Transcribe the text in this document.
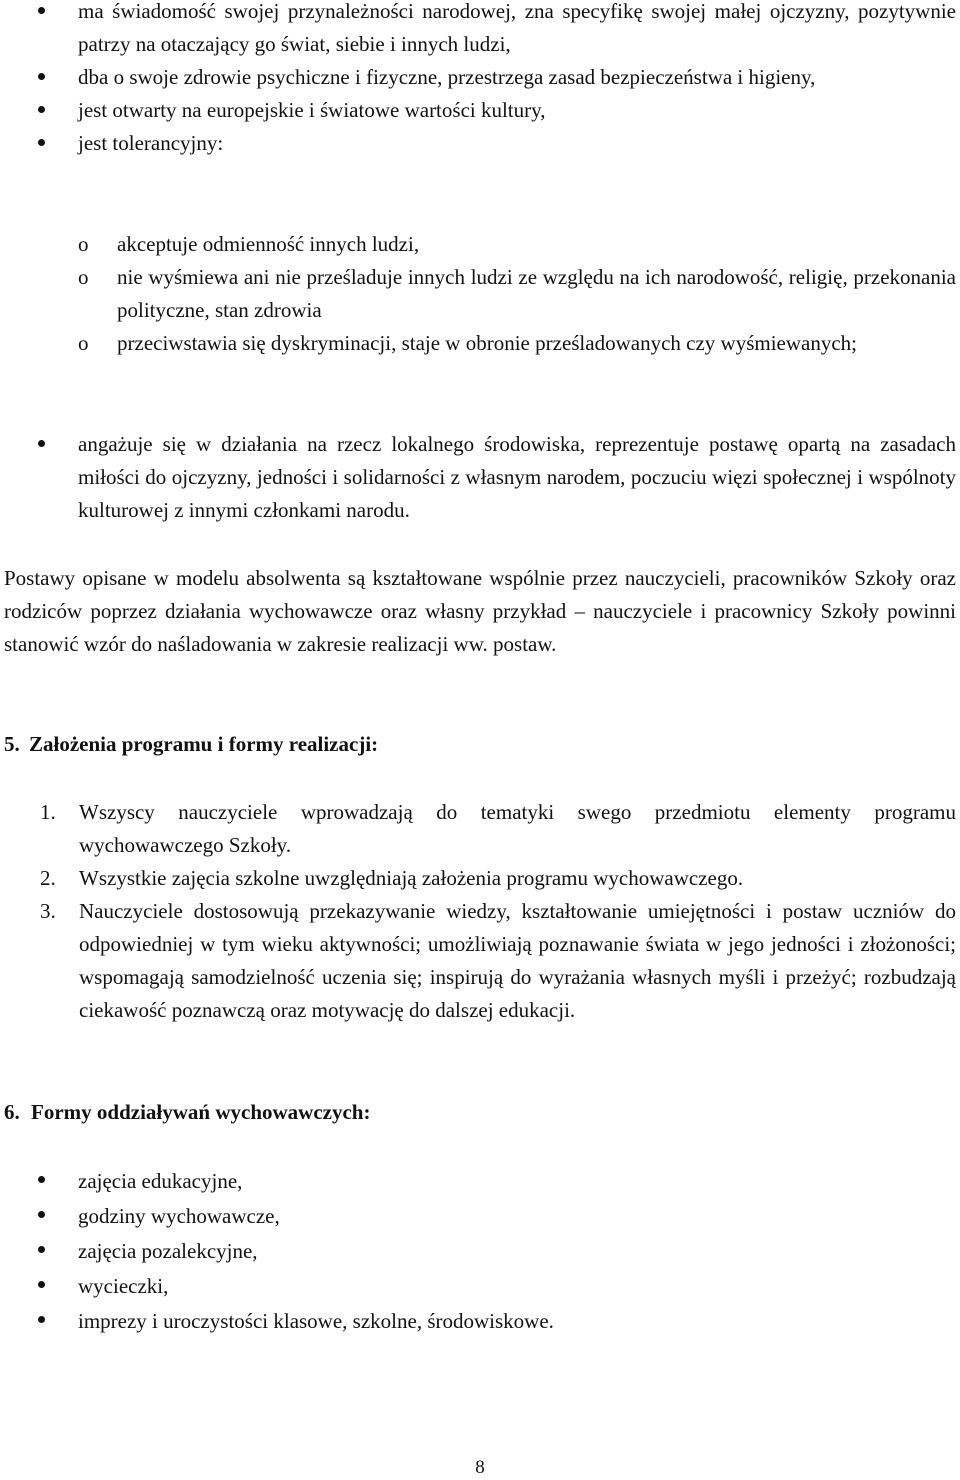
ma świadomość swojej przynależności narodowej, zna specyfikę swojej małej ojczyzny, pozytywnie patrzy na otaczający go świat, siebie i innych ludzi,
dba o swoje zdrowie psychiczne i fizyczne, przestrzega zasad bezpieczeństwa i higieny,
jest otwarty na europejskie i światowe wartości kultury,
jest tolerancyjny:
o akceptuje odmienność innych ludzi,
o nie wyśmiewa ani nie prześladuje innych ludzi ze względu na ich narodowość, religię, przekonania polityczne, stan zdrowia
o przeciwstawia się dyskryminacji, staje w obronie prześladowanych czy wyśmiewanych;
angażuje się w działania na rzecz lokalnego środowiska, reprezentuje postawę opartą na zasadach miłości do ojczyzny, jedności i solidarności z własnym narodem, poczuciu więzi społecznej i wspólnoty kulturowej z innymi członkami narodu.

Postawy opisane w modelu absolwenta są kształtowane wspólnie przez nauczycieli, pracowników Szkoły oraz rodziców poprzez działania wychowawcze oraz własny przykład – nauczyciele i pracownicy Szkoły powinni stanowić wzór do naśladowania w zakresie realizacji ww. postaw.

5. Założenia programu i formy realizacji:
1. Wszyscy nauczyciele wprowadzają do tematyki swego przedmiotu elementy programu wychowawczego Szkoły.
2. Wszystkie zajęcia szkolne uwzględniają założenia programu wychowawczego.
3. Nauczyciele dostosowują przekazywanie wiedzy, kształtowanie umiejętności i postaw uczniów do odpowiedniej w tym wieku aktywności; umożliwiają poznawanie świata w jego jedności i złożoności; wspomagają samodzielność uczenia się; inspirują do wyrażania własnych myśli i przeżyć; rozbudzają ciekawość poznawczą oraz motywację do dalszej edukacji.
6. Formy oddziaływań wychowawczych:
zajęcia edukacyjne,
godziny wychowawcze,
zajęcia pozalekcyjne,
wycieczki,
imprezy i uroczystości klasowe, szkolne, środowiskowe.
8
